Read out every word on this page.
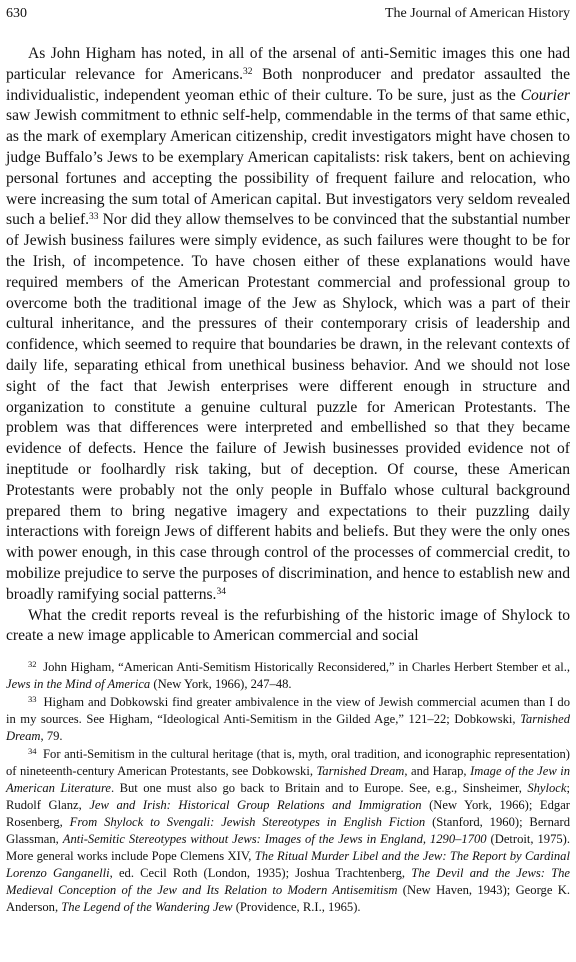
630	The Journal of American History

As John Higham has noted, in all of the arsenal of anti-Semitic images this one had particular relevance for Americans.$^{32}$ Both nonproducer and predator assaulted the individualistic, independent yeoman ethic of their culture. To be sure, just as the Courier saw Jewish commitment to ethnic self-help, commendable in the terms of that same ethic, as the mark of exemplary American citizenship, credit investigators might have chosen to judge Buffalo’s Jews to be exemplary American capitalists: risk takers, bent on achieving personal fortunes and accepting the possibility of frequent failure and relocation, who were increasing the sum total of American capital. But investigators very seldom revealed such a belief.$^{33}$ Nor did they allow themselves to be convinced that the substantial number of Jewish business failures were simply evidence, as such failures were thought to be for the Irish, of incompetence. To have chosen either of these explanations would have required members of the American Protestant commercial and professional group to overcome both the traditional image of the Jew as Shylock, which was a part of their cultural inheritance, and the pressures of their contemporary crisis of leadership and confidence, which seemed to require that boundaries be drawn, in the relevant contexts of daily life, separating ethical from unethical business behavior. And we should not lose sight of the fact that Jewish enterprises were different enough in structure and organization to constitute a genuine cultural puzzle for American Protestants. The problem was that differences were interpreted and embellished so that they became evidence of defects. Hence the failure of Jewish businesses provided evidence not of ineptitude or foolhardly risk taking, but of deception. Of course, these American Protestants were probably not the only people in Buffalo whose cultural background prepared them to bring negative imagery and expectations to their puzzling daily interactions with foreign Jews of different habits and beliefs. But they were the only ones with power enough, in this case through control of the processes of commercial credit, to mobilize prejudice to serve the purposes of discrimination, and hence to establish new and broadly ramifying social patterns.$^{34}$

What the credit reports reveal is the refurbishing of the historic image of Shylock to create a new image applicable to American commercial and social

$^{32}$ John Higham, “American Anti-Semitism Historically Reconsidered,” in Charles Herbert Stember et al., Jews in the Mind of America (New York, 1966), 247–48.

$^{33}$ Higham and Dobkowski find greater ambivalence in the view of Jewish commercial acumen than I do in my sources. See Higham, “Ideological Anti-Semitism in the Gilded Age,” 121–22; Dobkowski, Tarnished Dream, 79.

$^{34}$ For anti-Semitism in the cultural heritage (that is, myth, oral tradition, and iconographic representation) of nineteenth-century American Protestants, see Dobkowski, Tarnished Dream, and Harap, Image of the Jew in American Literature. But one must also go back to Britain and to Europe. See, e.g., Sinsheimer, Shylock; Rudolf Glanz, Jew and Irish: Historical Group Relations and Immigration (New York, 1966); Edgar Rosenberg, From Shylock to Svengali: Jewish Stereotypes in English Fiction (Stanford, 1960); Bernard Glassman, Anti-Semitic Stereotypes without Jews: Images of the Jews in England, 1290–1700 (Detroit, 1975). More general works include Pope Clemens XIV, The Ritual Murder Libel and the Jew: The Report by Cardinal Lorenzo Ganganelli, ed. Cecil Roth (London, 1935); Joshua Trachtenberg, The Devil and the Jews: The Medieval Conception of the Jew and Its Relation to Modern Antisemitism (New Haven, 1943); George K. Anderson, The Legend of the Wandering Jew (Providence, R.I., 1965).
